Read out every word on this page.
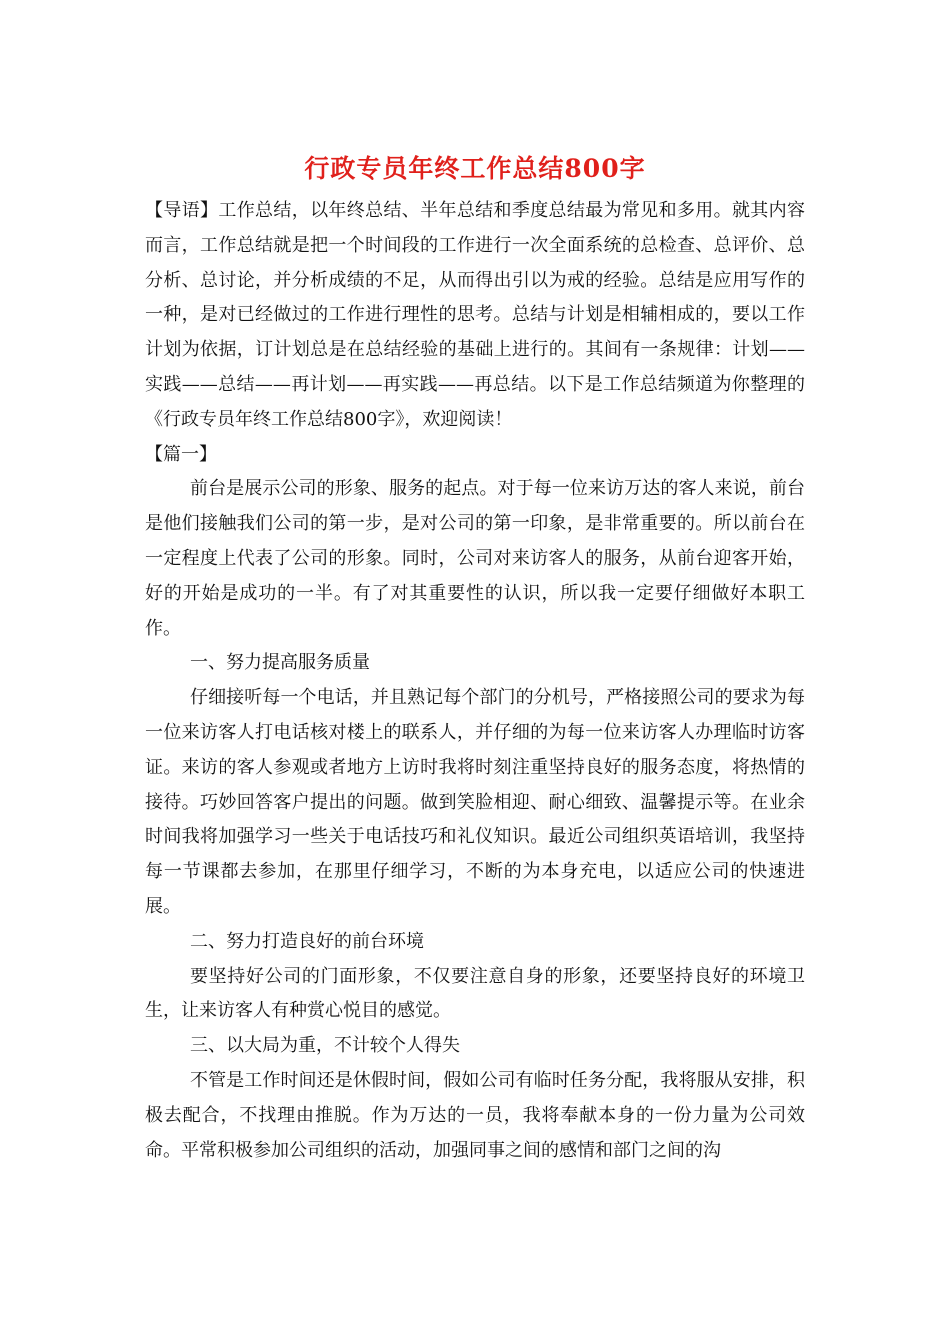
行政专员年终工作总结800字

【导语】工作总结，以年终总结、半年总结和季度总结最为常见和多用。就其内容而言，工作总结就是把一个时间段的工作进行一次全面系统的总检查、总评价、总分析、总讨论，并分析成绩的不足，从而得出引以为戒的经验。总结是应用写作的一种，是对已经做过的工作进行理性的思考。总结与计划是相辅相成的，要以工作计划为依据，订计划总是在总结经验的基础上进行的。其间有一条规律：计划——实践——总结——再计划——再实践——再总结。以下是工作总结频道为你整理的《行政专员年终工作总结800字》，欢迎阅读！

【篇一】

前台是展示公司的形象、服务的起点。对于每一位来访万达的客人来说，前台是他们接触我们公司的第一步，是对公司的第一印象，是非常重要的。所以前台在一定程度上代表了公司的形象。同时，公司对来访客人的服务，从前台迎客开始，好的开始是成功的一半。有了对其重要性的认识，所以我一定要仔细做好本职工作。

一、努力提高服务质量

仔细接听每一个电话，并且熟记每个部门的分机号，严格接照公司的要求为每一位来访客人打电话核对楼上的联系人，并仔细的为每一位来访客人办理临时访客证。来访的客人参观或者地方上访时我将时刻注重坚持良好的服务态度，将热情的接待。巧妙回答客户提出的问题。做到笑脸相迎、耐心细致、温馨提示等。在业余时间我将加强学习一些关于电话技巧和礼仪知识。最近公司组织英语培训，我坚持每一节课都去参加，在那里仔细学习，不断的为本身充电，以适应公司的快速进展。

二、努力打造良好的前台环境

要坚持好公司的门面形象，不仅要注意自身的形象，还要坚持良好的环境卫生，让来访客人有种赏心悦目的感觉。

三、以大局为重，不计较个人得失

不管是工作时间还是休假时间，假如公司有临时任务分配，我将服从安排，积极去配合，不找理由推脱。作为万达的一员，我将奉献本身的一份力量为公司效命。平常积极参加公司组织的活动，加强同事之间的感情和部门之间的沟
